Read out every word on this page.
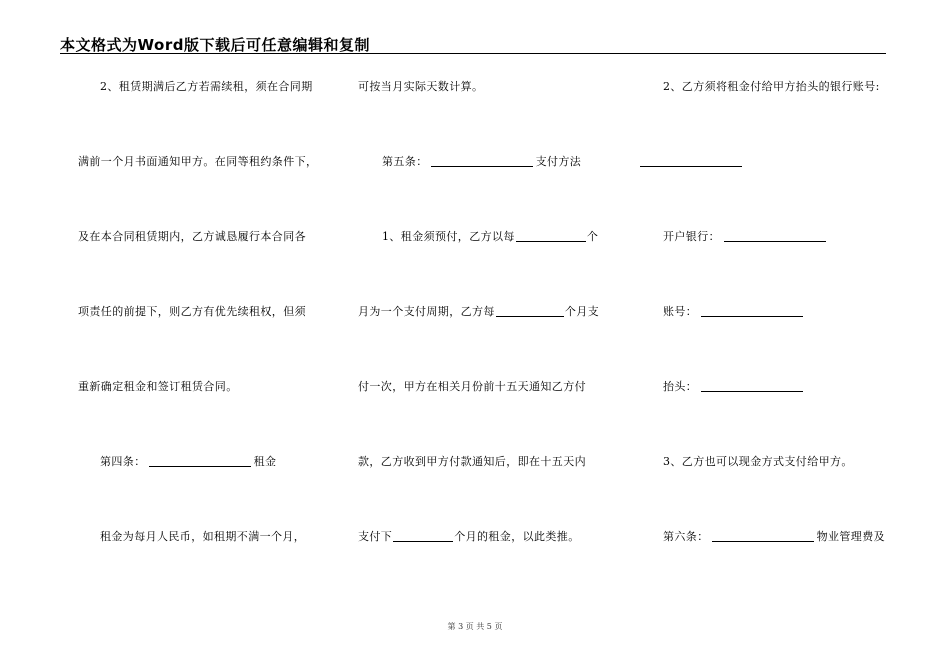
本文格式为Word版下载后可任意编辑和复制
2、租赁期满后乙方若需续租，须在合同期
满前一个月书面通知甲方。在同等租约条件下，
及在本合同租赁期内，乙方诚恳履行本合同各
项责任的前提下，则乙方有优先续租权，但须
重新确定租金和签订租赁合同。
第四条：	租金
租金为每月人民币，如租期不满一个月，
可按当月实际天数计算。
第五条：	支付方法
1、租金须预付，乙方以每	个
月为一个支付周期，乙方每	个月支
付一次，甲方在相关月份前十五天通知乙方付
款，乙方收到甲方付款通知后，即在十五天内
支付下	个月的租金，以此类推。
2、乙方须将租金付给甲方抬头的银行账号:
开户银行：
账号：
抬头：
3、乙方也可以现金方式支付给甲方。
第六条：	物业管理费及
第 3 页 共 5 页
